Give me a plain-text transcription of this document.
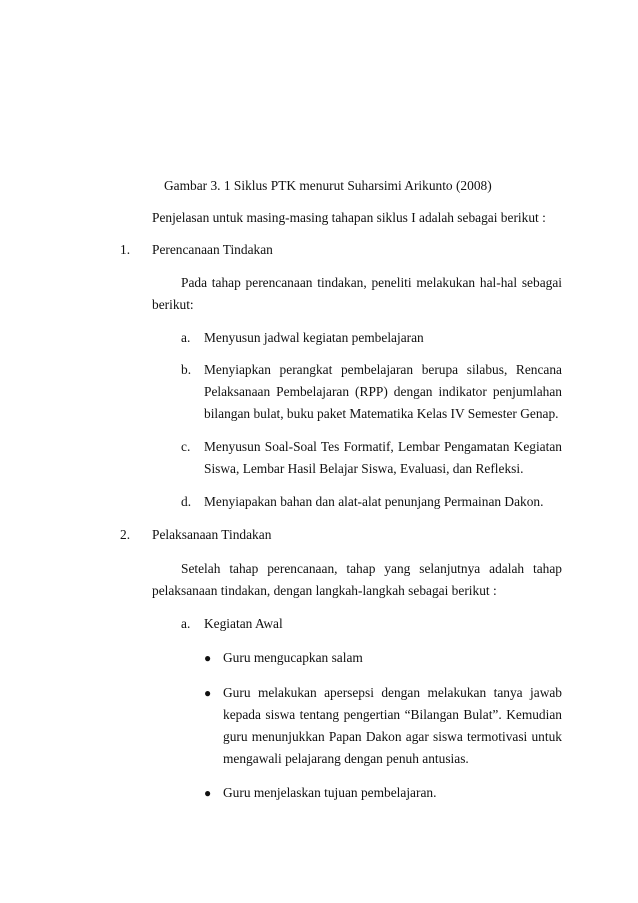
Gambar 3. 1 Siklus PTK menurut Suharsimi Arikunto (2008)
Penjelasan untuk masing-masing tahapan siklus I adalah sebagai berikut :
1. Perencanaan Tindakan
Pada tahap perencanaan tindakan, peneliti melakukan hal-hal sebagai
berikut:
a. Menyusun jadwal kegiatan pembelajaran
b. Menyiapkan perangkat pembelajaran berupa silabus, Rencana
Pelaksanaan Pembelajaran (RPP) dengan indikator penjumlahan
bilangan bulat, buku paket Matematika Kelas IV Semester Genap.
c. Menyusun Soal-Soal Tes Formatif, Lembar Pengamatan Kegiatan
Siswa, Lembar Hasil Belajar Siswa, Evaluasi, dan Refleksi.
d. Menyiapakan bahan dan alat-alat penunjang Permainan Dakon.
2. Pelaksanaan Tindakan
Setelah tahap perencanaan, tahap yang selanjutnya adalah tahap
pelaksanaan tindakan, dengan langkah-langkah sebagai berikut :
a. Kegiatan Awal
● Guru mengucapkan salam
● Guru melakukan apersepsi dengan melakukan tanya jawab
kepada siswa tentang pengertian “Bilangan Bulat”. Kemudian
guru menunjukkan Papan Dakon agar siswa termotivasi untuk
mengawali pelajarang dengan penuh antusias.
● Guru menjelaskan tujuan pembelajaran.
